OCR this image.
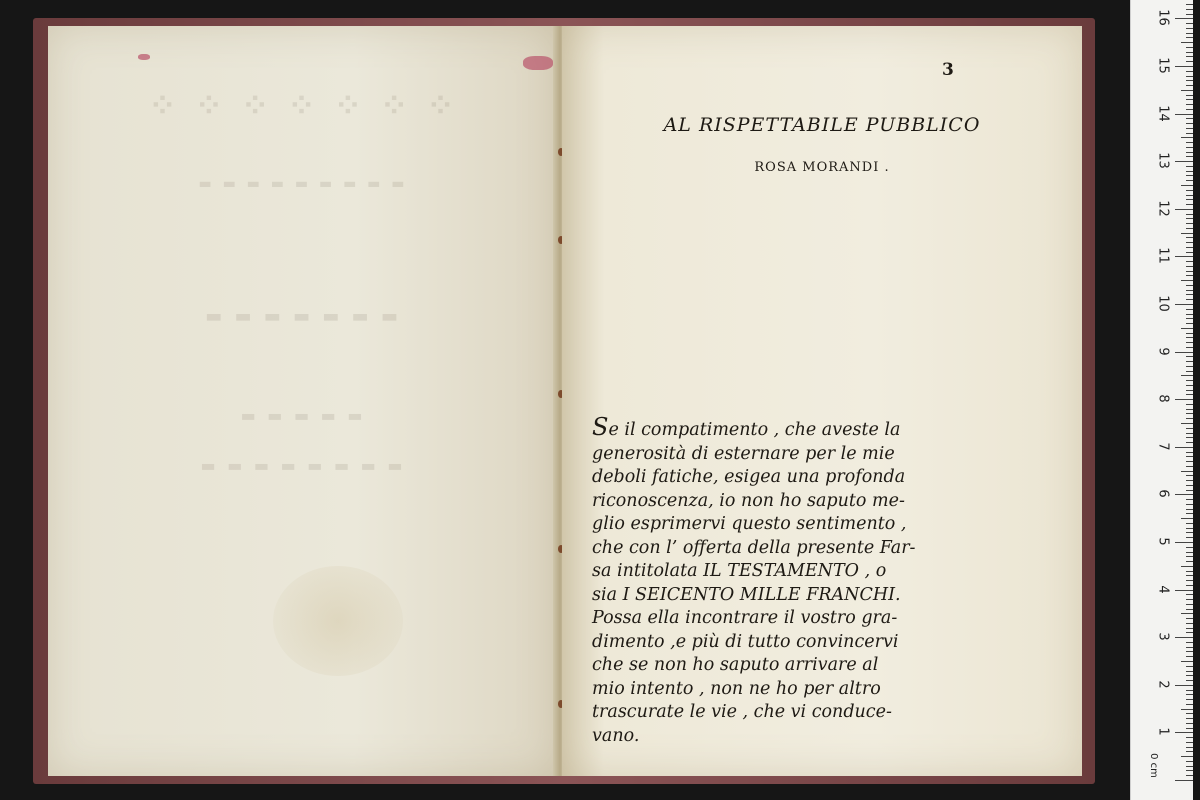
⁘ ⁘ ⁘ ⁘ ⁘ ⁘ ⁘
▬ ▬ ▬ ▬ ▬ ▬ ▬ ▬ ▬
▬ ▬ ▬ ▬ ▬ ▬ ▬
▬ ▬ ▬ ▬ ▬
▬ ▬ ▬ ▬ ▬ ▬ ▬ ▬
3
AL RISPETTABILE PUBBLICO
ROSA MORANDI .
Se il compatimento , che aveste la
generosità di esternare per le mie
deboli fatiche, esigea una profonda
riconoscenza, io non ho saputo me-
glio esprimervi questo sentimento ,
che con l’ offerta della presente Far-
sa intitolata IL TESTAMENTO , o
sia I SEICENTO MILLE FRANCHI.
Possa ella incontrare il vostro gra-
dimento ,e più di tutto convincervi
che se non ho saputo arrivare al
mio intento , non ne ho per altro
trascurate le vie , che vi conduce-
vano.
16
15
14
13
12
11
10
9
8
7
6
5
4
3
2
1
0 cm
